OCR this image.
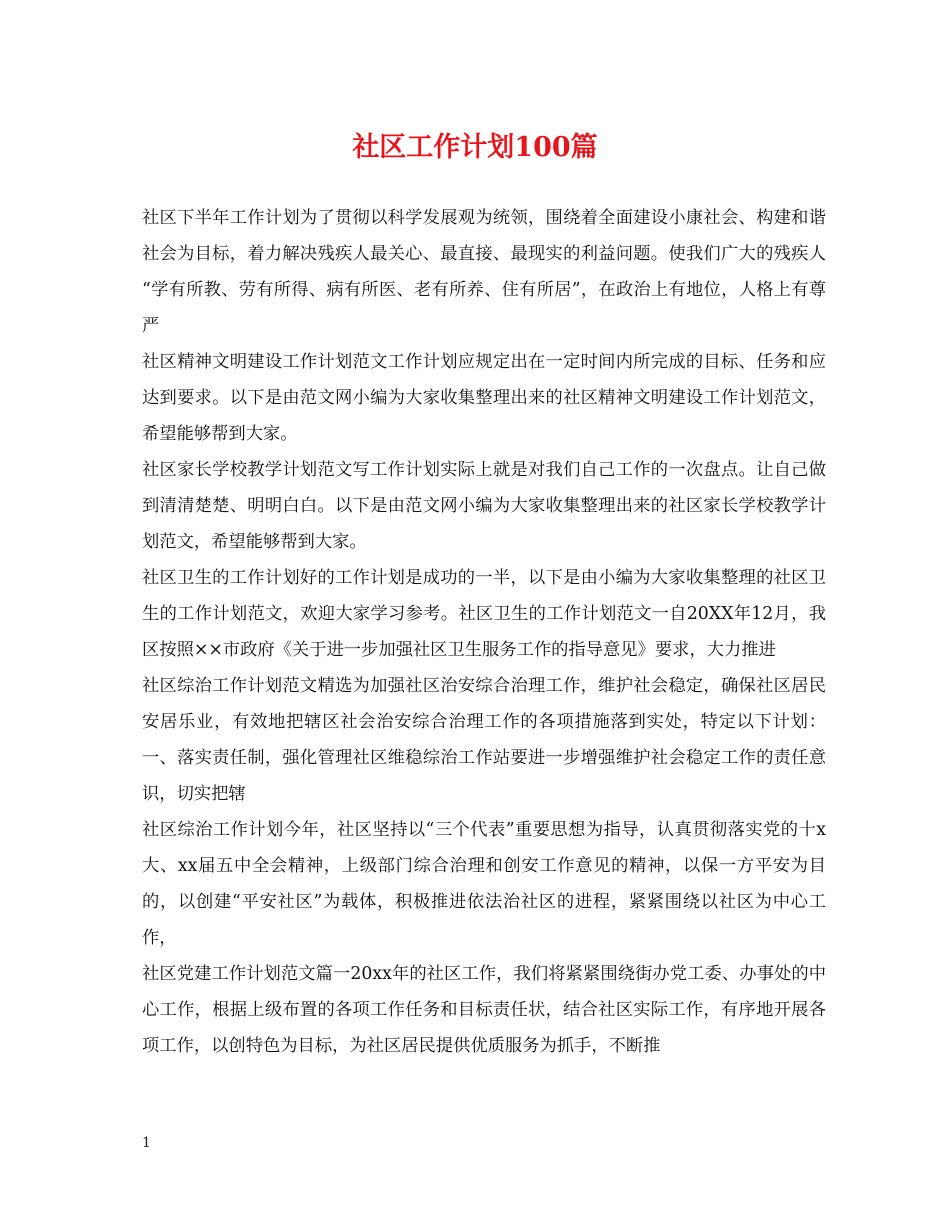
社区工作计划100篇

社区下半年工作计划为了贯彻以科学发展观为统领，围绕着全面建设小康社会、构建和谐社会为目标，着力解决残疾人最关心、最直接、最现实的利益问题。使我们广大的残疾人 “学有所教、劳有所得、病有所医、老有所养、住有所居”，在政治上有地位，人格上有尊严

社区精神文明建设工作计划范文工作计划应规定出在一定时间内所完成的目标、任务和应达到要求。以下是由范文网小编为大家收集整理出来的社区精神文明建设工作计划范文，希望能够帮到大家。

社区家长学校教学计划范文写工作计划实际上就是对我们自己工作的一次盘点。让自己做到清清楚楚、明明白白。以下是由范文网小编为大家收集整理出来的社区家长学校教学计划范文，希望能够帮到大家。

社区卫生的工作计划好的工作计划是成功的一半，以下是由小编为大家收集整理的社区卫生的工作计划范文，欢迎大家学习参考。社区卫生的工作计划范文一自20XX年12月，我区按照××市政府《关于进一步加强社区卫生服务工作的指导意见》要求，大力推进

社区综治工作计划范文精选为加强社区治安综合治理工作，维护社会稳定，确保社区居民安居乐业，有效地把辖区社会治安综合治理工作的各项措施落到实处，特定以下计划：一、落实责任制，强化管理社区维稳综治工作站要进一步增强维护社会稳定工作的责任意识，切实把辖

社区综治工作计划今年，社区坚持以“三个代表”重要思想为指导，认真贯彻落实党的十x大、xx届五中全会精神，上级部门综合治理和创安工作意见的精神，以保一方平安为目的，以创建“平安社区”为载体，积极推进依法治社区的进程，紧紧围绕以社区为中心工作，

社区党建工作计划范文篇一20xx年的社区工作，我们将紧紧围绕街办党工委、办事处的中心工作，根据上级布置的各项工作任务和目标责任状，结合社区实际工作，有序地开展各项工作，以创特色为目标，为社区居民提供优质服务为抓手，不断推

1
